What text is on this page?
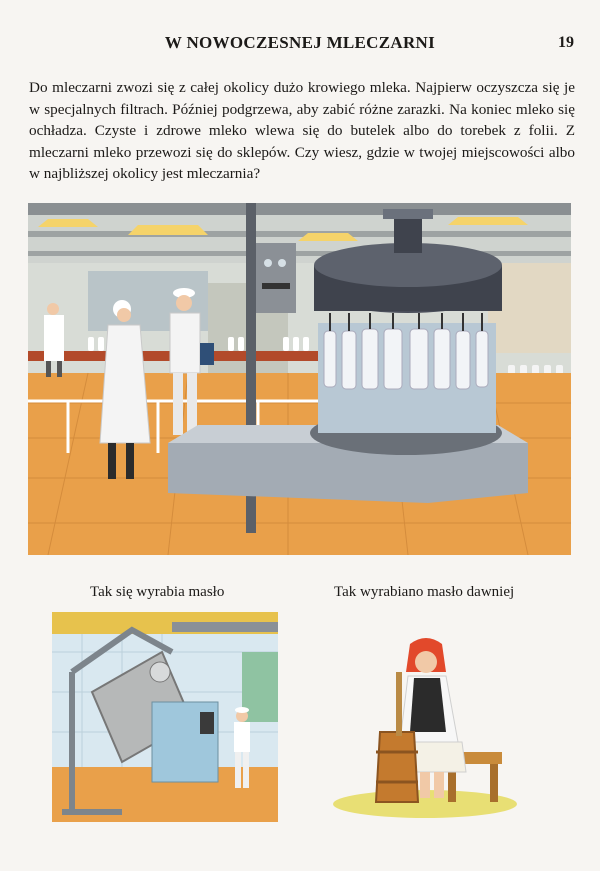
W NOWOCZESNEJ MLECZARNI	19
Do mleczarni zwozi się z całej okolicy dużo krowiego mleka. Najpierw oczyszcza się je w specjalnych filtrach. Później podgrzewa, aby zabić różne zarazki. Na koniec mleko się ochładza. Czyste i zdrowe mleko wlewa się do butelek albo do torebek z folii. Z mleczarni mleko przewozi się do sklepów. Czy wiesz, gdzie w twojej miejscowości albo w najbliższej okolicy jest mleczarnia?
Tak się wyrabia masło	Tak wyrabiano masło dawniej
